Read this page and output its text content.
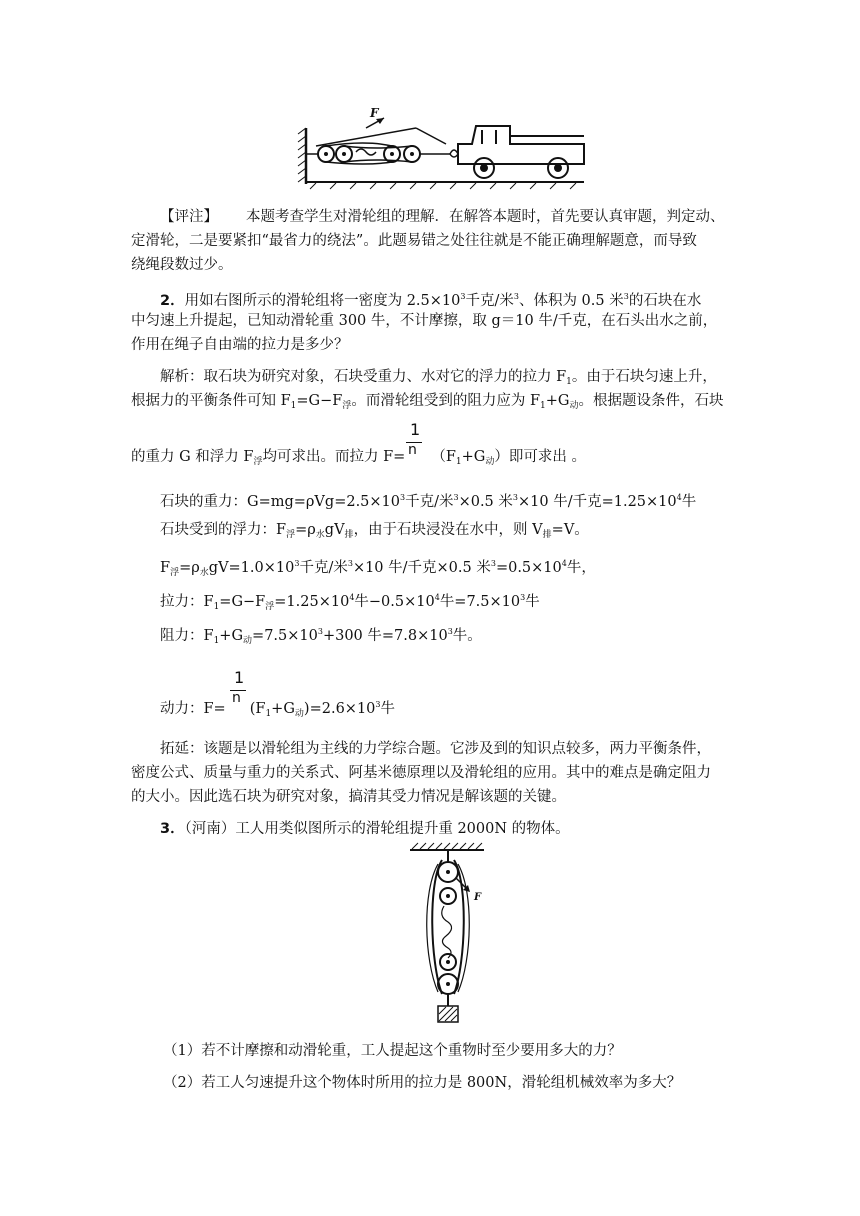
F
【评注】 本题考查学生对滑轮组的理解．在解答本题时，首先要认真审题，判定动、
定滑轮，二是要紧扣“最省力的绕法”。此题易错之处往往就是不能正确理解题意，而导致
绕绳段数过少。
2．用如右图所示的滑轮组将一密度为 $2.5\times 10^3$千克/米$^3$、体积为 0.5 米$^3$的石块在水
中匀速上升提起，已知动滑轮重 300 牛，不计摩擦，取 g＝10 牛/千克，在石头出水之前，
作用在绳子自由端的拉力是多少？
解析：取石块为研究对象，石块受重力、水对它的浮力的拉力 $F_1$。由于石块匀速上升，
根据力的平衡条件可知 $F_1=G-F_浮$。而滑轮组受到的阻力应为 $F_1+G_动$。根据题设条件，石块
1
n
的重力 G 和浮力 $F_浮$均可求出。而拉力 $F= (F_1+G_动)$即可求出 。
石块的重力：$G=mg=\rho Vg=2.5\times 10^3$千克/米$^3$×0.5 米$^3$×10 牛/千克$=1.25\times 10^4$牛
石块受到的浮力：$F_浮=\rho_水gV_排$，由于石块浸没在水中，则 $V_排=V$。
$F_浮=\rho_水gV=1.0\times 10^3$千克/米$^3$×10 牛/千克×0.5 米$^3=0.5\times 10^4$牛，
拉力：$F_1=G-F_浮=1.25\times 10^4$牛$-0.5\times 10^4$牛$=7.5\times 10^3$牛
阻力：$F_1+G_动=7.5\times 10^3+300$ 牛$=7.8\times 10^3$牛。
1
n
动力：$F= (F_1+G_动)=2.6\times 10^3$牛
拓延：该题是以滑轮组为主线的力学综合题。它涉及到的知识点较多，两力平衡条件，
密度公式、质量与重力的关系式、阿基米德原理以及滑轮组的应用。其中的难点是确定阻力
的大小。因此选石块为研究对象，搞清其受力情况是解该题的关键。
3．（河南）工人用类似图所示的滑轮组提升重 2000N 的物体。
F
（1）若不计摩擦和动滑轮重，工人提起这个重物时至少要用多大的力？
（2）若工人匀速提升这个物体时所用的拉力是 800N，滑轮组机械效率为多大？
